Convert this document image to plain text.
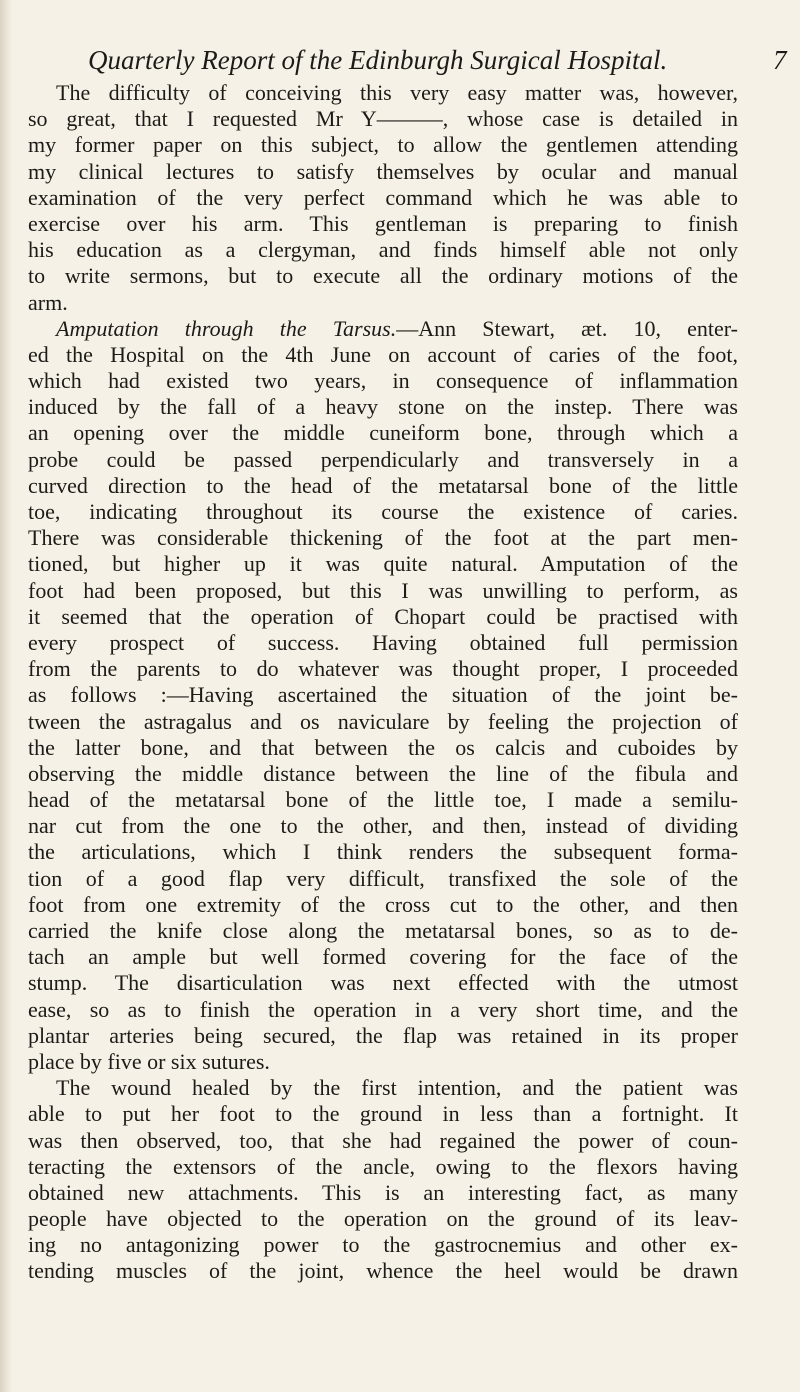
Quarterly Report of the Edinburgh Surgical Hospital.	7
The difficulty of conceiving this very easy matter was, however,
so great, that I requested Mr Y———, whose case is detailed in
my former paper on this subject, to allow the gentlemen attending
my clinical lectures to satisfy themselves by ocular and manual
examination of the very perfect command which he was able to
exercise over his arm. This gentleman is preparing to finish
his education as a clergyman, and finds himself able not only
to write sermons, but to execute all the ordinary motions of the
arm.
Amputation through the Tarsus.—Ann Stewart, æt. 10, enter-
ed the Hospital on the 4th June on account of caries of the foot,
which had existed two years, in consequence of inflammation
induced by the fall of a heavy stone on the instep. There was
an opening over the middle cuneiform bone, through which a
probe could be passed perpendicularly and transversely in a
curved direction to the head of the metatarsal bone of the little
toe, indicating throughout its course the existence of caries.
There was considerable thickening of the foot at the part men-
tioned, but higher up it was quite natural. Amputation of the
foot had been proposed, but this I was unwilling to perform, as
it seemed that the operation of Chopart could be practised with
every prospect of success. Having obtained full permission
from the parents to do whatever was thought proper, I proceeded
as follows :—Having ascertained the situation of the joint be-
tween the astragalus and os naviculare by feeling the projection of
the latter bone, and that between the os calcis and cuboides by
observing the middle distance between the line of the fibula and
head of the metatarsal bone of the little toe, I made a semilu-
nar cut from the one to the other, and then, instead of dividing
the articulations, which I think renders the subsequent forma-
tion of a good flap very difficult, transfixed the sole of the
foot from one extremity of the cross cut to the other, and then
carried the knife close along the metatarsal bones, so as to de-
tach an ample but well formed covering for the face of the
stump. The disarticulation was next effected with the utmost
ease, so as to finish the operation in a very short time, and the
plantar arteries being secured, the flap was retained in its proper
place by five or six sutures.
The wound healed by the first intention, and the patient was
able to put her foot to the ground in less than a fortnight. It
was then observed, too, that she had regained the power of coun-
teracting the extensors of the ancle, owing to the flexors having
obtained new attachments. This is an interesting fact, as many
people have objected to the operation on the ground of its leav-
ing no antagonizing power to the gastrocnemius and other ex-
tending muscles of the joint, whence the heel would be drawn
